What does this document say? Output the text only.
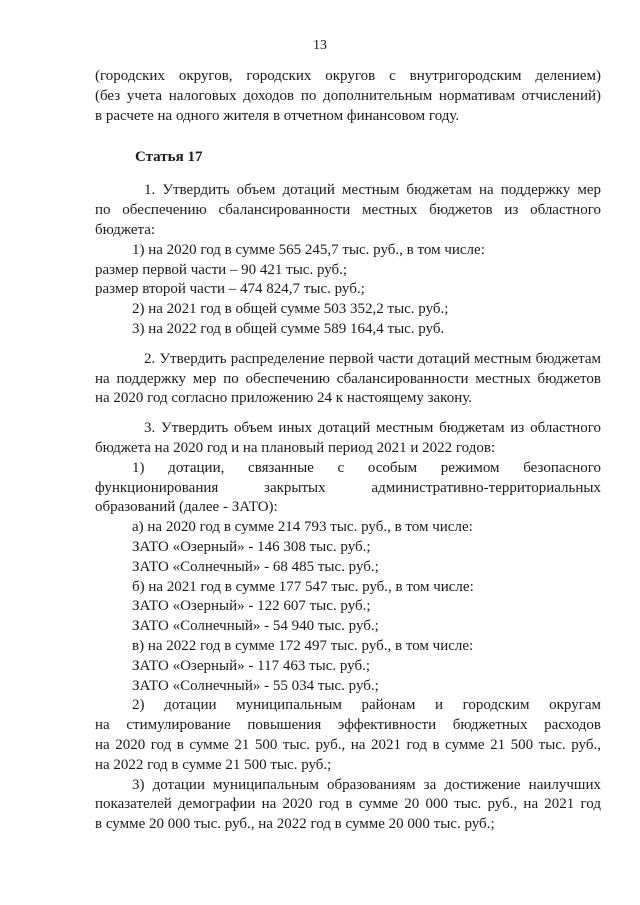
13

(городских округов, городских округов с внутригородским делением)

(без учета налоговых доходов по дополнительным нормативам отчислений)

в расчете на одного жителя в отчетном финансовом году.

Статья 17

1. Утвердить объем дотаций местным бюджетам на поддержку мер

по обеспечению сбалансированности местных бюджетов из областного

бюджета:

1) на 2020 год в сумме 565 245,7 тыс. руб., в том числе:

размер первой части – 90 421 тыс. руб.;

размер второй части – 474 824,7 тыс. руб.;

2) на 2021 год в общей сумме 503 352,2 тыс. руб.;

3) на 2022 год в общей сумме 589 164,4 тыс. руб.

2. Утвердить распределение первой части дотаций местным бюджетам

на поддержку мер по обеспечению сбалансированности местных бюджетов

на 2020 год согласно приложению 24 к настоящему закону.

3. Утвердить объем иных дотаций местным бюджетам из областного

бюджета на 2020 год и на плановый период 2021 и 2022 годов:

1) дотации, связанные с особым режимом безопасного

функционирования закрытых административно-территориальных

образований (далее - ЗАТО):

а) на 2020 год в сумме 214 793 тыс. руб., в том числе:

ЗАТО «Озерный» - 146 308 тыс. руб.;

ЗАТО «Солнечный» - 68 485 тыс. руб.;

б) на 2021 год в сумме 177 547 тыс. руб., в том числе:

ЗАТО «Озерный» - 122 607 тыс. руб.;

ЗАТО «Солнечный» - 54 940 тыс. руб.;

в) на 2022 год в сумме 172 497 тыс. руб., в том числе:

ЗАТО «Озерный» - 117 463 тыс. руб.;

ЗАТО «Солнечный» - 55 034 тыс. руб.;

2) дотации муниципальным районам и городским округам

на стимулирование повышения эффективности бюджетных расходов

на 2020 год в сумме 21 500 тыс. руб., на 2021 год в сумме 21 500 тыс. руб.,

на 2022 год в сумме 21 500 тыс. руб.;

3) дотации муниципальным образованиям за достижение наилучших

показателей демографии на 2020 год в сумме 20 000 тыс. руб., на 2021 год

в сумме 20 000 тыс. руб., на 2022 год в сумме 20 000 тыс. руб.;
